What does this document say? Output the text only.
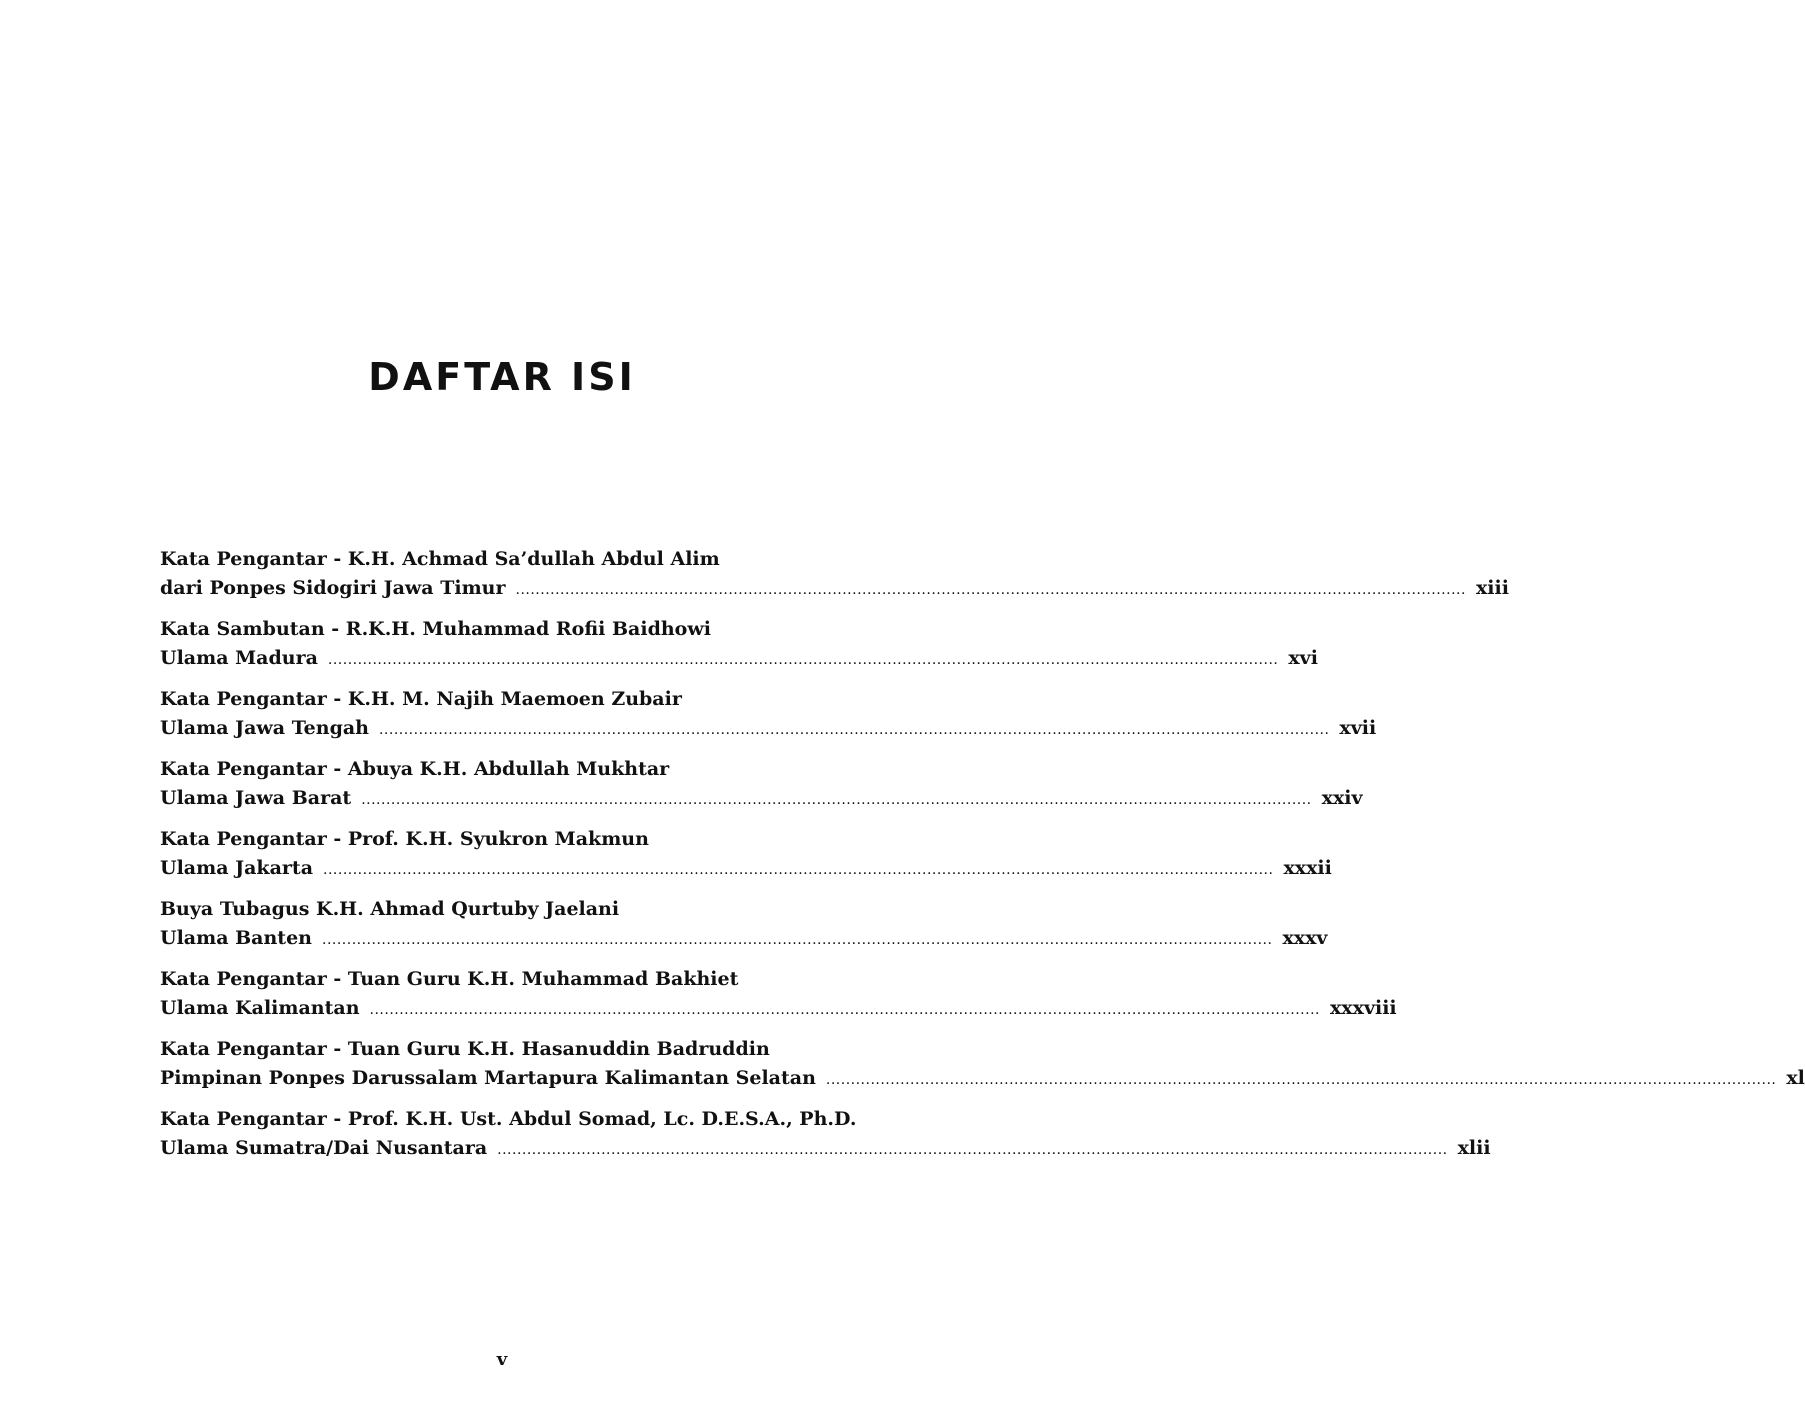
DAFTAR ISI
Kata Pengantar - K.H. Achmad Sa’dullah Abdul Alim
dari Ponpes Sidogiri Jawa Timur ................................................................................................................................................................................................ xiii
Kata Sambutan - R.K.H. Muhammad Rofii Baidhowi
Ulama Madura ................................................................................................................................................................................................ xvi
Kata Pengantar - K.H. M. Najih Maemoen Zubair
Ulama Jawa Tengah ................................................................................................................................................................................................ xvii
Kata Pengantar - Abuya K.H. Abdullah Mukhtar
Ulama Jawa Barat ................................................................................................................................................................................................ xxiv
Kata Pengantar - Prof. K.H. Syukron Makmun
Ulama Jakarta ................................................................................................................................................................................................ xxxii
Buya Tubagus K.H. Ahmad Qurtuby Jaelani
Ulama Banten ................................................................................................................................................................................................ xxxv
Kata Pengantar - Tuan Guru K.H. Muhammad Bakhiet
Ulama Kalimantan ................................................................................................................................................................................................ xxxviii
Kata Pengantar - Tuan Guru K.H. Hasanuddin Badruddin
Pimpinan Ponpes Darussalam Martapura Kalimantan Selatan ................................................................................................................................................................................................ xl
Kata Pengantar - Prof. K.H. Ust. Abdul Somad, Lc. D.E.S.A., Ph.D.
Ulama Sumatra/Dai Nusantara ................................................................................................................................................................................................ xlii
v
